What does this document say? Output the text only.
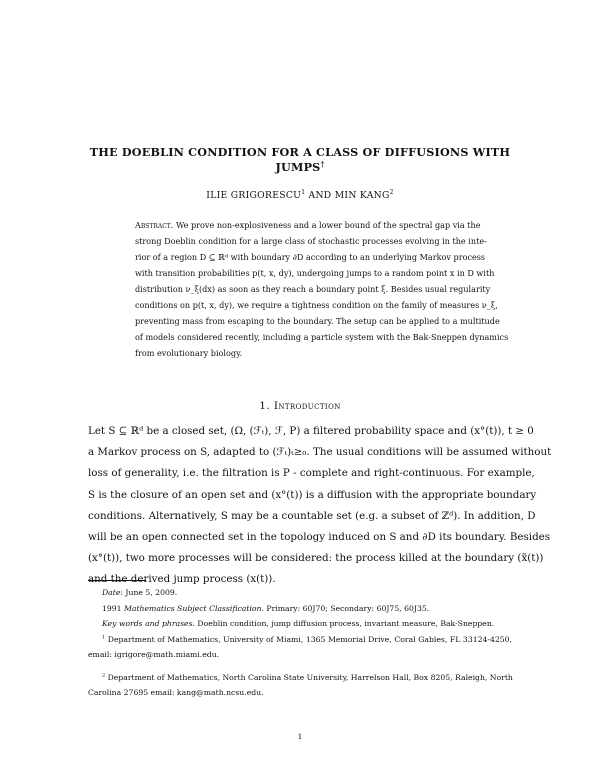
THE DOEBLIN CONDITION FOR A CLASS OF DIFFUSIONS WITH
JUMPS†
ILIE GRIGORESCU$^1$ AND MIN KANG$^2$
Abstract. We prove non-explosiveness and a lower bound of the spectral gap via the
strong Doeblin condition for a large class of stochastic processes evolving in the inte-
rior of a region D ⊆ ℝᵈ with boundary ∂D according to an underlying Markov process
with transition probabilities p(t, x, dy), undergoing jumps to a random point x in D with
distribution ν_ξ(dx) as soon as they reach a boundary point ξ. Besides usual regularity
conditions on p(t, x, dy), we require a tightness condition on the family of measures ν_ξ,
preventing mass from escaping to the boundary. The setup can be applied to a multitude
of models considered recently, including a particle system with the Bak-Sneppen dynamics
from evolutionary biology.
1. Introduction
Let S ⊆ ℝᵈ be a closed set, (Ω, (ℱₜ), ℱ, P) a filtered probability space and (x°(t)), t ≥ 0
a Markov process on S, adapted to (ℱₜ)ₜ≥₀. The usual conditions will be assumed without
loss of generality, i.e. the filtration is P - complete and right-continuous. For example,
S is the closure of an open set and (x°(t)) is a diffusion with the appropriate boundary
conditions. Alternatively, S may be a countable set (e.g. a subset of ℤᵈ). In addition, D
will be an open connected set in the topology induced on S and ∂D its boundary. Besides
(x°(t)), two more processes will be considered: the process killed at the boundary (x̃(t))
and the derived jump process (x(t)).
Date: June 5, 2009.
1991 Mathematics Subject Classification. Primary: 60J70; Secondary: 60J75, 60J35.
Key words and phrases. Doeblin condition, jump diffusion process, invariant measure, Bak-Sneppen.
$^1$ Department of Mathematics, University of Miami, 1365 Memorial Drive, Coral Gables, FL 33124-4250,
email: igrigore@math.miami.edu.
$^2$ Department of Mathematics, North Carolina State University, Harrelson Hall, Box 8205, Raleigh, North
Carolina 27695 email: kang@math.ncsu.edu.
1
